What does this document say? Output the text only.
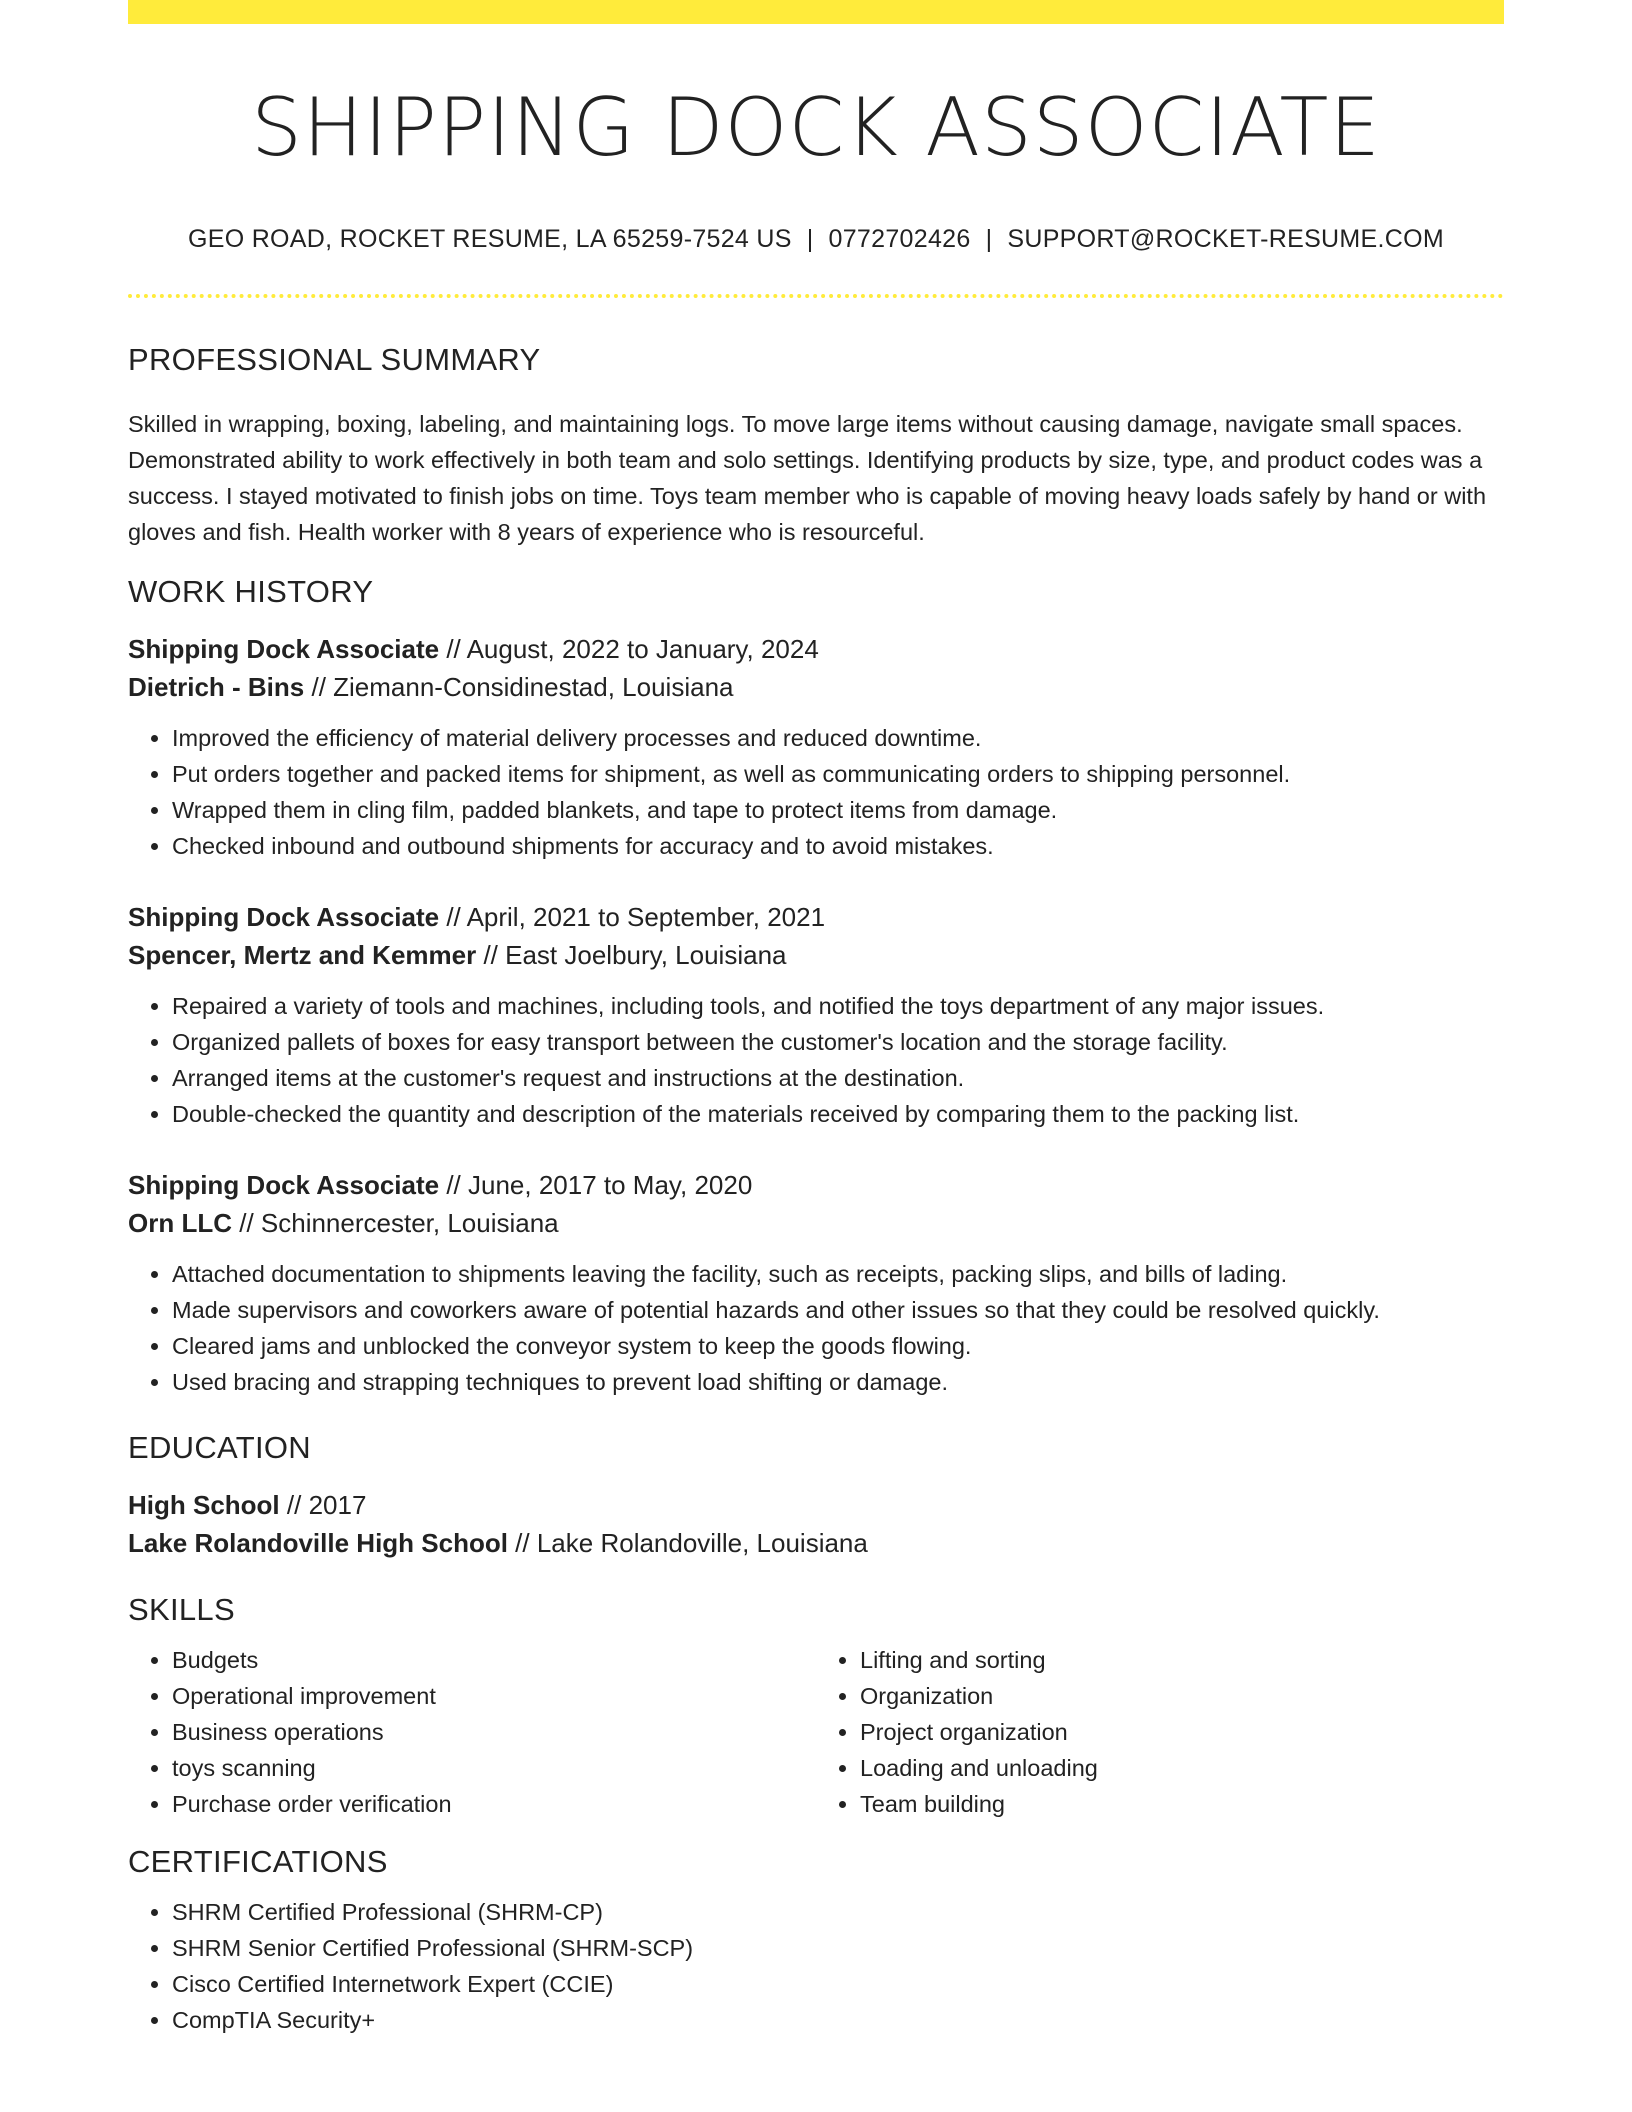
SHIPPING DOCK ASSOCIATE
GEO ROAD, ROCKET RESUME, LA 65259-7524 US | 0772702426 | SUPPORT@ROCKET-RESUME.COM
PROFESSIONAL SUMMARY

Skilled in wrapping, boxing, labeling, and maintaining logs. To move large items without causing damage, navigate small spaces. Demonstrated ability to work effectively in both team and solo settings. Identifying products by size, type, and product codes was a success. I stayed motivated to finish jobs on time. Toys team member who is capable of moving heavy loads safely by hand or with gloves and fish. Health worker with 8 years of experience who is resourceful.

WORK HISTORY
Shipping Dock Associate // August, 2022 to January, 2024
Dietrich - Bins // Ziemann-Considinestad, Louisiana
• Improved the efficiency of material delivery processes and reduced downtime.
• Put orders together and packed items for shipment, as well as communicating orders to shipping personnel.
• Wrapped them in cling film, padded blankets, and tape to protect items from damage.
• Checked inbound and outbound shipments for accuracy and to avoid mistakes.
Shipping Dock Associate // April, 2021 to September, 2021
Spencer, Mertz and Kemmer // East Joelbury, Louisiana
• Repaired a variety of tools and machines, including tools, and notified the toys department of any major issues.
• Organized pallets of boxes for easy transport between the customer's location and the storage facility.
• Arranged items at the customer's request and instructions at the destination.
• Double-checked the quantity and description of the materials received by comparing them to the packing list.
Shipping Dock Associate // June, 2017 to May, 2020
Orn LLC // Schinnercester, Louisiana
• Attached documentation to shipments leaving the facility, such as receipts, packing slips, and bills of lading.
• Made supervisors and coworkers aware of potential hazards and other issues so that they could be resolved quickly.
• Cleared jams and unblocked the conveyor system to keep the goods flowing.
• Used bracing and strapping techniques to prevent load shifting or damage.
EDUCATION
High School // 2017
Lake Rolandoville High School // Lake Rolandoville, Louisiana
SKILLS
• Budgets
• Operational improvement
• Business operations
• toys scanning
• Purchase order verification
• Lifting and sorting
• Organization
• Project organization
• Loading and unloading
• Team building
CERTIFICATIONS
• SHRM Certified Professional (SHRM-CP)
• SHRM Senior Certified Professional (SHRM-SCP)
• Cisco Certified Internetwork Expert (CCIE)
• CompTIA Security+
